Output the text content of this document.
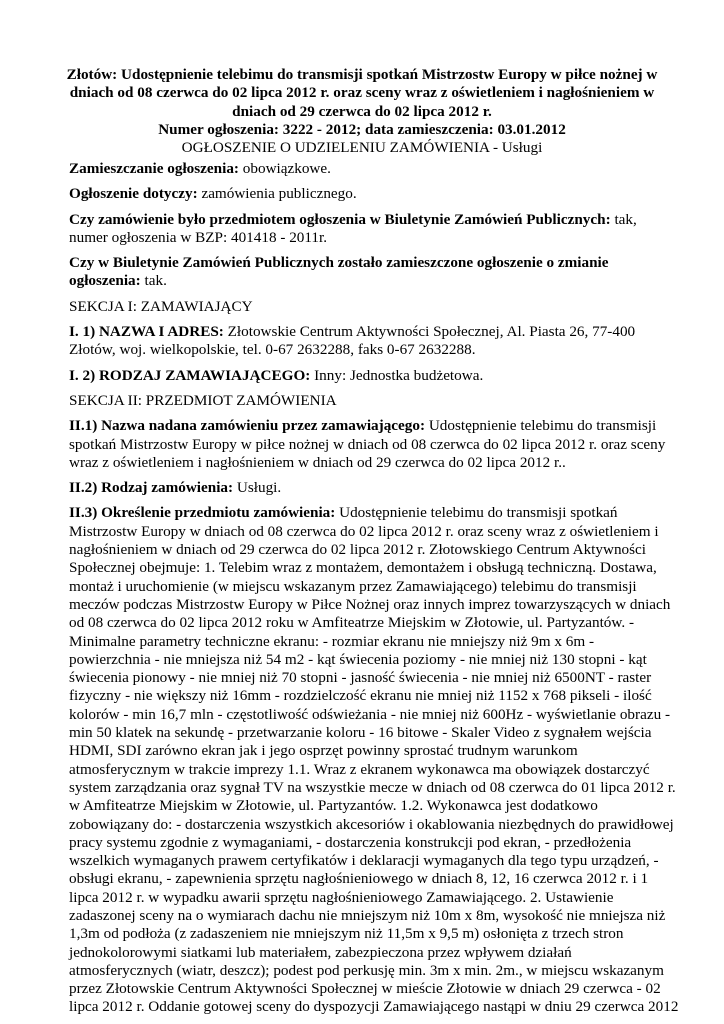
Złotów: Udostępnienie telebimu do transmisji spotkań Mistrzostw Europy w piłce nożnej w
dniach od 08 czerwca do 02 lipca 2012 r. oraz sceny wraz z oświetleniem i nagłośnieniem w
dniach od 29 czerwca do 02 lipca 2012 r.
Numer ogłoszenia: 3222 - 2012; data zamieszczenia: 03.01.2012
OGŁOSZENIE O UDZIELENIU ZAMÓWIENIA - Usługi
Zamieszczanie ogłoszenia: obowiązkowe.
Ogłoszenie dotyczy: zamówienia publicznego.
Czy zamówienie było przedmiotem ogłoszenia w Biuletynie Zamówień Publicznych: tak,
numer ogłoszenia w BZP: 401418 - 2011r.
Czy w Biuletynie Zamówień Publicznych zostało zamieszczone ogłoszenie o zmianie
ogłoszenia: tak.
SEKCJA I: ZAMAWIAJĄCY
I. 1) NAZWA I ADRES: Złotowskie Centrum Aktywności Społecznej, Al. Piasta 26, 77-400
Złotów, woj. wielkopolskie, tel. 0-67 2632288, faks 0-67 2632288.
I. 2) RODZAJ ZAMAWIAJĄCEGO: Inny: Jednostka budżetowa.
SEKCJA II: PRZEDMIOT ZAMÓWIENIA
II.1) Nazwa nadana zamówieniu przez zamawiającego: Udostępnienie telebimu do transmisji
spotkań Mistrzostw Europy w piłce nożnej w dniach od 08 czerwca do 02 lipca 2012 r. oraz sceny
wraz z oświetleniem i nagłośnieniem w dniach od 29 czerwca do 02 lipca 2012 r..
II.2) Rodzaj zamówienia: Usługi.
II.3) Określenie przedmiotu zamówienia: Udostępnienie telebimu do transmisji spotkań
Mistrzostw Europy w dniach od 08 czerwca do 02 lipca 2012 r. oraz sceny wraz z oświetleniem i
nagłośnieniem w dniach od 29 czerwca do 02 lipca 2012 r. Złotowskiego Centrum Aktywności
Społecznej obejmuje: 1. Telebim wraz z montażem, demontażem i obsługą techniczną. Dostawa,
montaż i uruchomienie (w miejscu wskazanym przez Zamawiającego) telebimu do transmisji
meczów podczas Mistrzostw Europy w Piłce Nożnej oraz innych imprez towarzyszących w dniach
od 08 czerwca do 02 lipca 2012 roku w Amfiteatrze Miejskim w Złotowie, ul. Partyzantów. -
Minimalne parametry techniczne ekranu: - rozmiar ekranu nie mniejszy niż 9m x 6m -
powierzchnia - nie mniejsza niż 54 m2 - kąt świecenia poziomy - nie mniej niż 130 stopni - kąt
świecenia pionowy - nie mniej niż 70 stopni - jasność świecenia - nie mniej niż 6500NT - raster
fizyczny - nie większy niż 16mm - rozdzielczość ekranu nie mniej niż 1152 x 768 pikseli - ilość
kolorów - min 16,7 mln - częstotliwość odświeżania - nie mniej niż 600Hz - wyświetlanie obrazu -
min 50 klatek na sekundę - przetwarzanie koloru - 16 bitowe - Skaler Video z sygnałem wejścia
HDMI, SDI zarówno ekran jak i jego osprzęt powinny sprostać trudnym warunkom
atmosferycznym w trakcie imprezy 1.1. Wraz z ekranem wykonawca ma obowiązek dostarczyć
system zarządzania oraz sygnał TV na wszystkie mecze w dniach od 08 czerwca do 01 lipca 2012 r.
w Amfiteatrze Miejskim w Złotowie, ul. Partyzantów. 1.2. Wykonawca jest dodatkowo
zobowiązany do: - dostarczenia wszystkich akcesoriów i okablowania niezbędnych do prawidłowej
pracy systemu zgodnie z wymaganiami, - dostarczenia konstrukcji pod ekran, - przedłożenia
wszelkich wymaganych prawem certyfikatów i deklaracji wymaganych dla tego typu urządzeń, -
obsługi ekranu, - zapewnienia sprzętu nagłośnieniowego w dniach 8, 12, 16 czerwca 2012 r. i 1
lipca 2012 r. w wypadku awarii sprzętu nagłośnieniowego Zamawiającego. 2. Ustawienie
zadaszonej sceny na o wymiarach dachu nie mniejszym niż 10m x 8m, wysokość nie mniejsza niż
1,3m od podłoża (z zadaszeniem nie mniejszym niż 11,5m x 9,5 m) osłonięta z trzech stron
jednokolorowymi siatkami lub materiałem, zabezpieczona przez wpływem działań
atmosferycznych (wiatr, deszcz); podest pod perkusję min. 3m x min. 2m., w miejscu wskazanym
przez Złotowskie Centrum Aktywności Społecznej w mieście Złotowie w dniach 29 czerwca - 02
lipca 2012 r. Oddanie gotowej sceny do dyspozycji Zamawiającego nastąpi w dniu 29 czerwca 2012
